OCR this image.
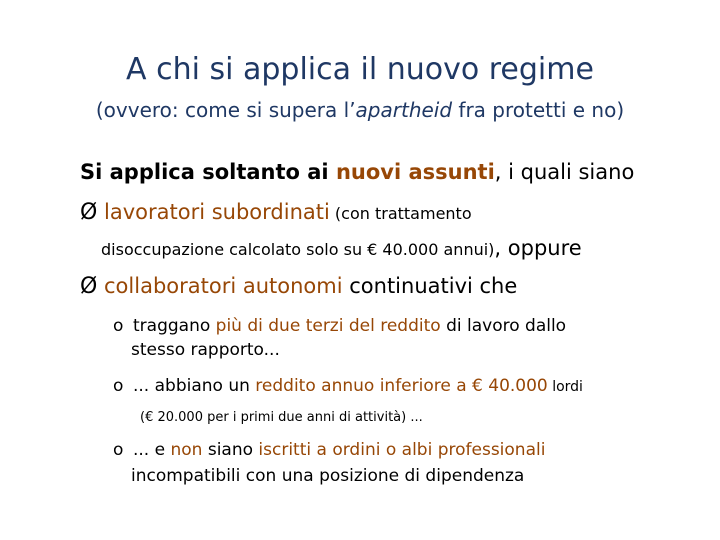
A chi si applica il nuovo regime
(ovvero: come si supera l’apartheid fra protetti e no)
Si applica soltanto ai nuovi assunti, i quali siano
Ø lavoratori subordinati (con trattamento
disoccupazione calcolato solo su € 40.000 annui), oppure
Ø collaboratori autonomi continuativi che
o traggano più di due terzi del reddito di lavoro dallo
stesso rapporto...
o ... abbiano un reddito annuo inferiore a € 40.000 lordi
(€ 20.000 per i primi due anni di attività) ...
o ... e non siano iscritti a ordini o albi professionali
incompatibili con una posizione di dipendenza
